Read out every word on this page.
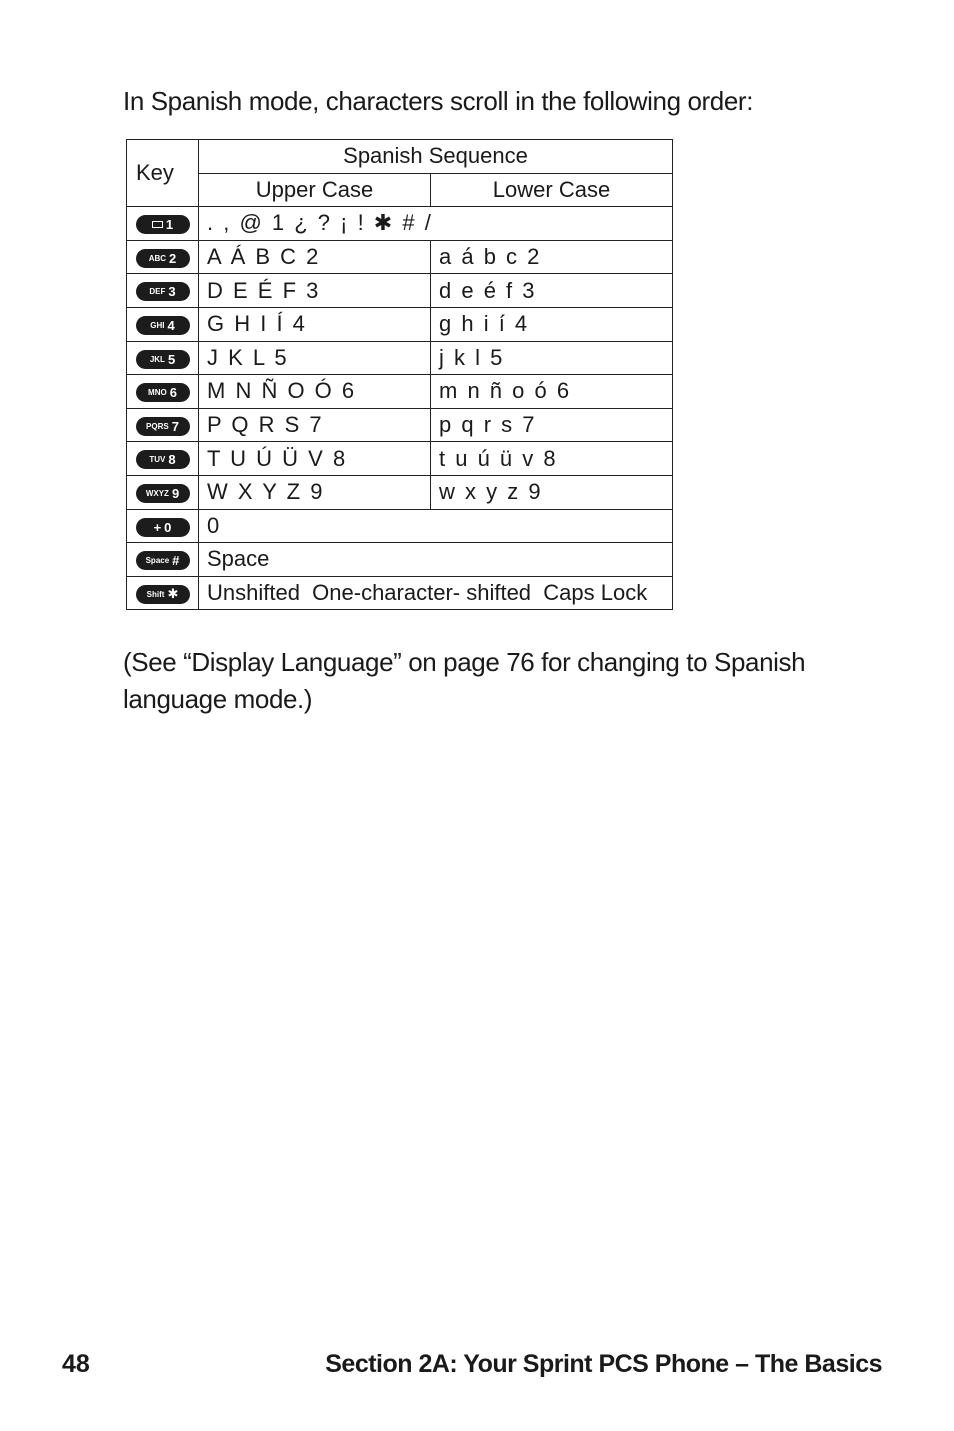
In Spanish mode, characters scroll in the following order:

Key	Spanish Sequence	
	Upper Case	Lower Case

1	. , @ 1 ¿ ? ¡ ! ✱ # /	

ABC 2	A Á B C 2	a á b c 2

DEF 3	D E É F 3	d e é f 3

GHI 4	G H I Í 4	g h i í 4

JKL 5	J K L 5	j k l 5

MNO 6	M N Ñ O Ó 6	m n ñ o ó 6

PQRS 7	P Q R S 7	p q r s 7

TUV 8	T U Ú Ü V 8	t u ú ü v 8

WXYZ 9	W X Y Z 9	w x y z 9

+ 0	0	

Space #	Space	

Shift ✱	Unshifted  One-character- shifted  Caps Lock	

(See “Display Language” on page 76 for changing to Spanish language mode.)

48	Section 2A: Your Sprint PCS Phone – The Basics
